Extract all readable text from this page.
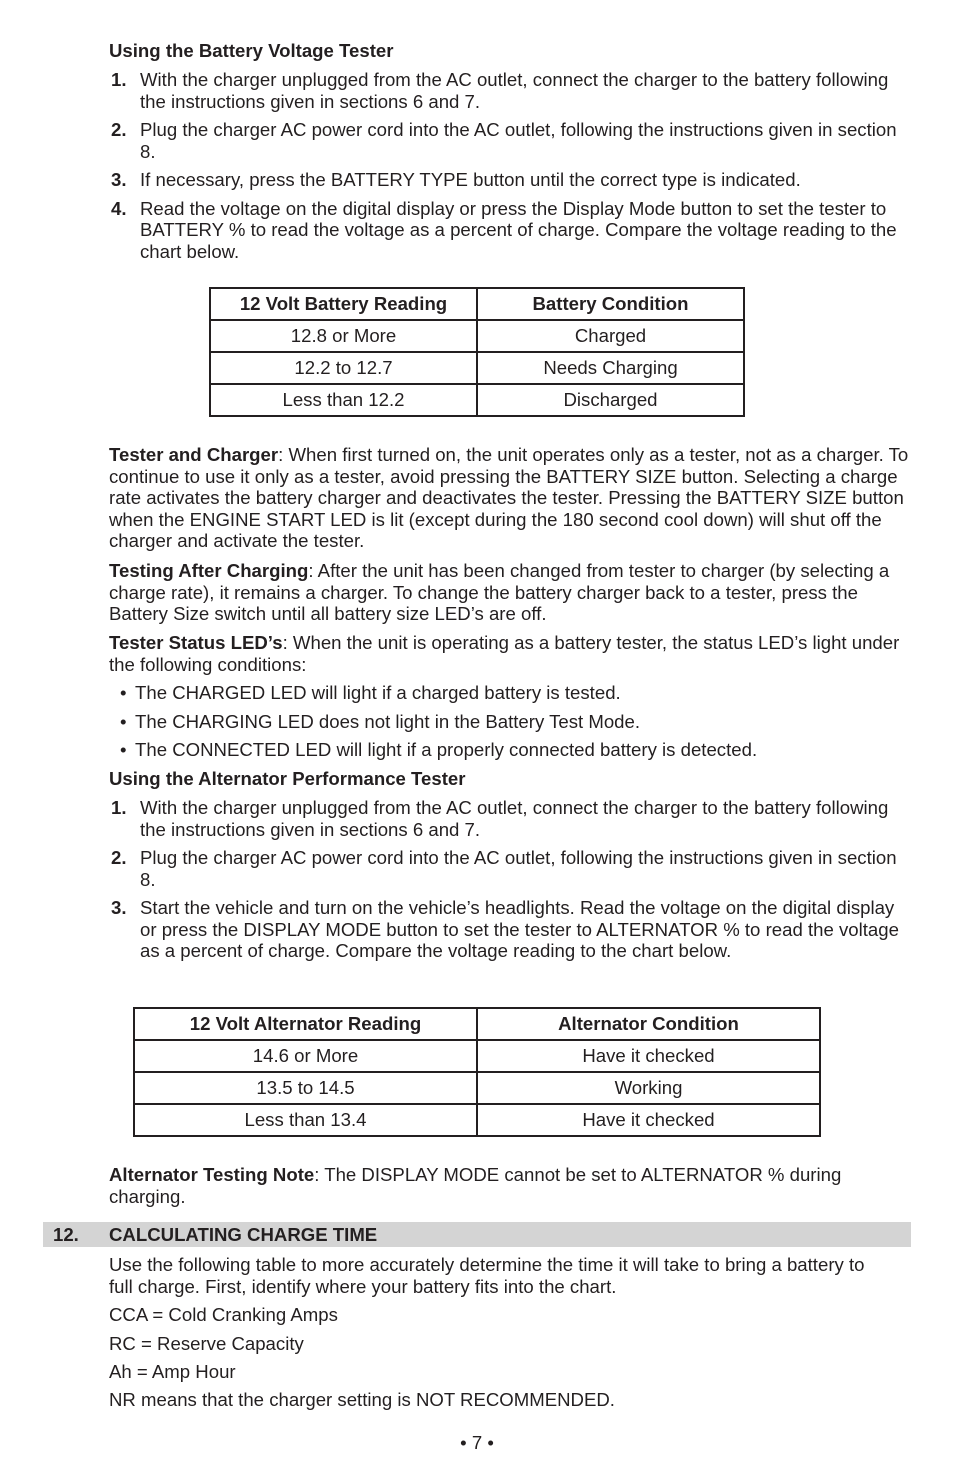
Using the Battery Voltage Tester
1. With the charger unplugged from the AC outlet, connect the charger to the battery following the instructions given in sections 6 and 7.
2. Plug the charger AC power cord into the AC outlet, following the instructions given in section 8.
3. If necessary, press the BATTERY TYPE button until the correct type is indicated.
4. Read the voltage on the digital display or press the Display Mode button to set the tester to BATTERY % to read the voltage as a percent of charge. Compare the voltage reading to the chart below.
12 Volt Battery Reading	Battery Condition
12.8 or More	Charged
12.2 to 12.7	Needs Charging
Less than 12.2	Discharged

Tester and Charger: When first turned on, the unit operates only as a tester, not as a charger. To continue to use it only as a tester, avoid pressing the BATTERY SIZE button. Selecting a charge rate activates the battery charger and deactivates the tester. Pressing the BATTERY SIZE button when the ENGINE START LED is lit (except during the 180 second cool down) will shut off the charger and activate the tester.

Testing After Charging: After the unit has been changed from tester to charger (by selecting a charge rate), it remains a charger. To change the battery charger back to a tester, press the Battery Size switch until all battery size LED’s are off.

Tester Status LED’s: When the unit is operating as a battery tester, the status LED’s light under the following conditions:

• The CHARGED LED will light if a charged battery is tested.
• The CHARGING LED does not light in the Battery Test Mode.
• The CONNECTED LED will light if a properly connected battery is detected.
Using the Alternator Performance Tester
1. With the charger unplugged from the AC outlet, connect the charger to the battery following the instructions given in sections 6 and 7.
2. Plug the charger AC power cord into the AC outlet, following the instructions given in section 8.
3. Start the vehicle and turn on the vehicle’s headlights. Read the voltage on the digital display or press the DISPLAY MODE button to set the tester to ALTERNATOR % to read the voltage as a percent of charge. Compare the voltage reading to the chart below.
12 Volt Alternator Reading	Alternator Condition
14.6 or More	Have it checked
13.5 to 14.5	Working
Less than 13.4	Have it checked

Alternator Testing Note: The DISPLAY MODE cannot be set to ALTERNATOR % during charging.

12. CALCULATING CHARGE TIME

Use the following table to more accurately determine the time it will take to bring a battery to full charge. First, identify where your battery fits into the chart.

CCA = Cold Cranking Amps
RC = Reserve Capacity
Ah = Amp Hour
NR means that the charger setting is NOT RECOMMENDED.
• 7 •
